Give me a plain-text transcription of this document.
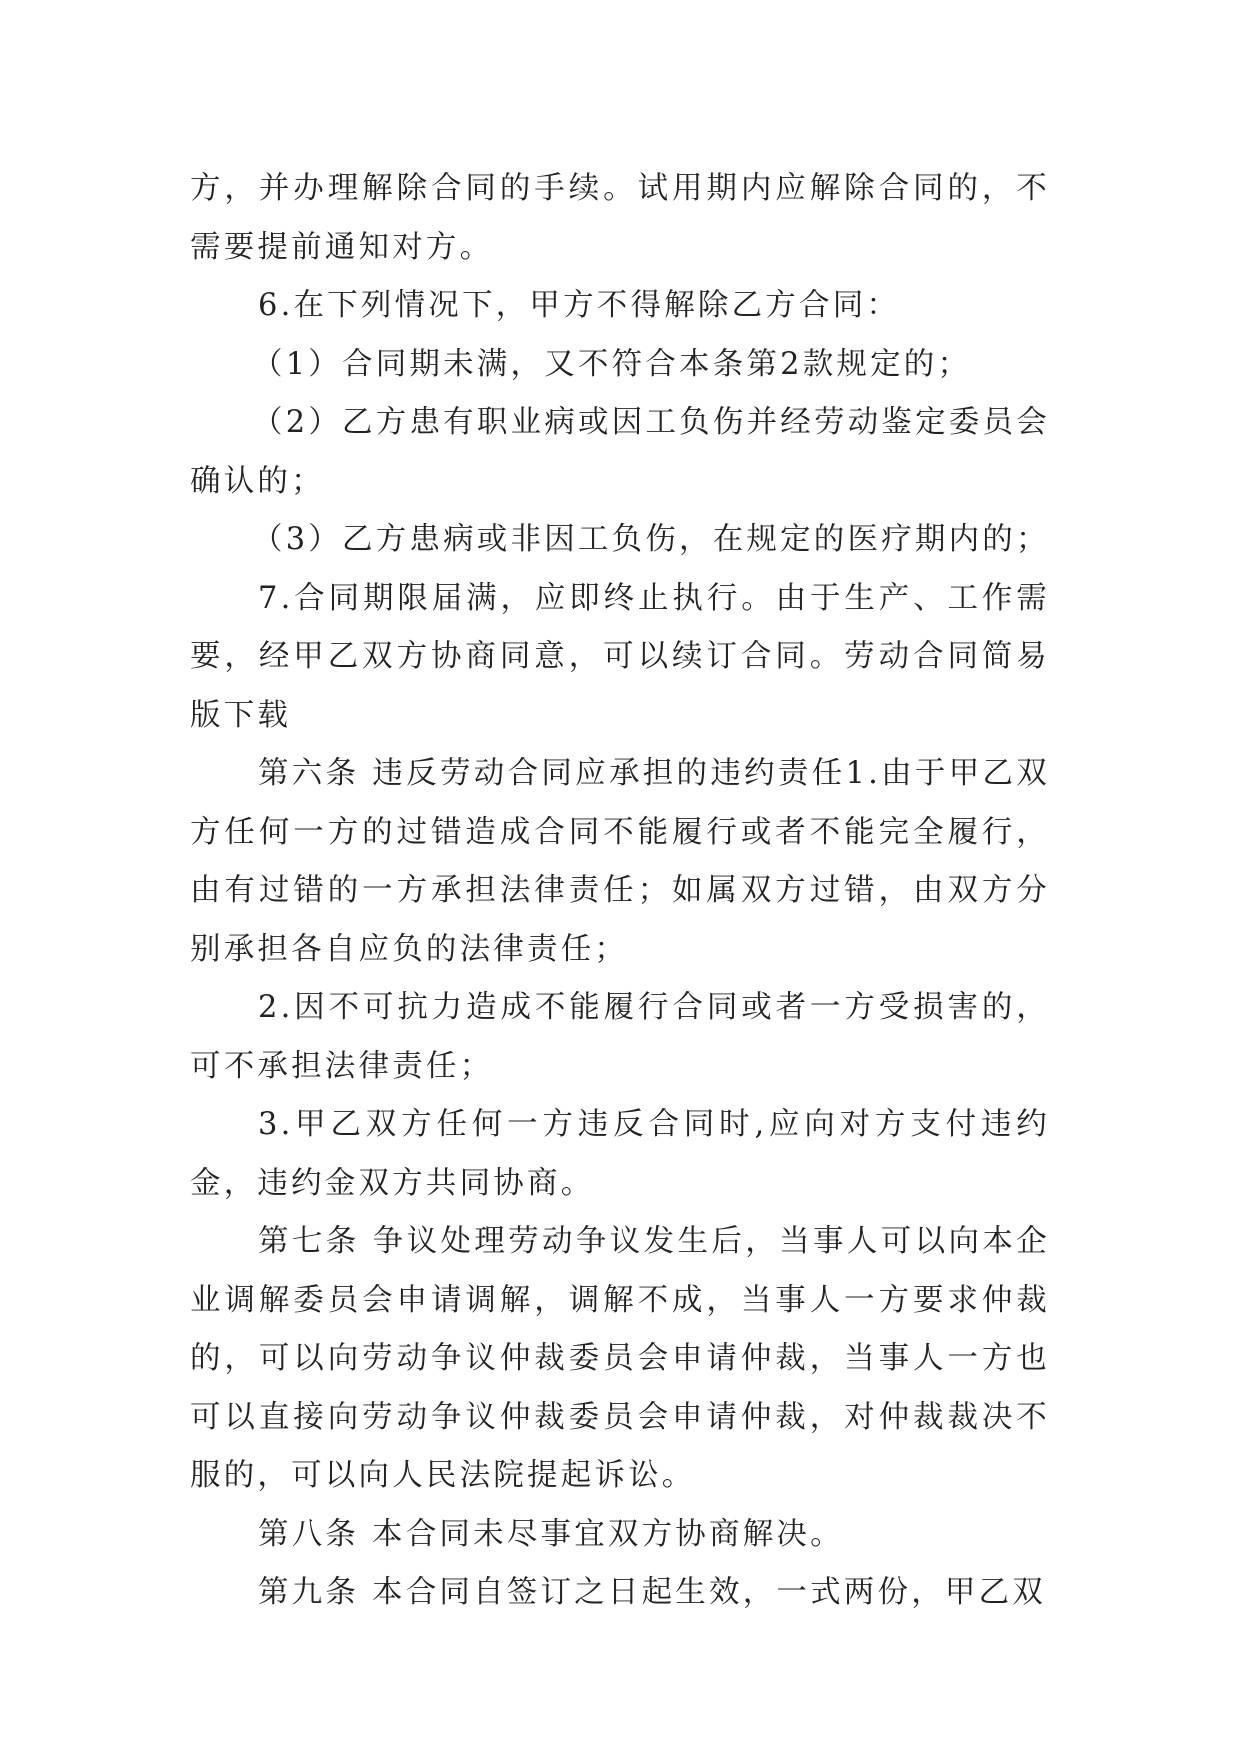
方，并办理解除合同的手续。试用期内应解除合同的，不需要提前通知对方。

6.在下列情况下，甲方不得解除乙方合同：

（1）合同期未满，又不符合本条第2款规定的；

（2）乙方患有职业病或因工负伤并经劳动鉴定委员会确认的；

（3）乙方患病或非因工负伤，在规定的医疗期内的；

7.合同期限届满，应即终止执行。由于生产、工作需要，经甲乙双方协商同意，可以续订合同。劳动合同简易版下载

第六条 违反劳动合同应承担的违约责任1.由于甲乙双方任何一方的过错造成合同不能履行或者不能完全履行，由有过错的一方承担法律责任；如属双方过错，由双方分别承担各自应负的法律责任；

2.因不可抗力造成不能履行合同或者一方受损害的，可不承担法律责任；

3.甲乙双方任何一方违反合同时,应向对方支付违约金，违约金双方共同协商。

第七条 争议处理劳动争议发生后，当事人可以向本企业调解委员会申请调解，调解不成，当事人一方要求仲裁的，可以向劳动争议仲裁委员会申请仲裁，当事人一方也可以直接向劳动争议仲裁委员会申请仲裁，对仲裁裁决不服的，可以向人民法院提起诉讼。

第八条 本合同未尽事宜双方协商解决。

第九条 本合同自签订之日起生效，一式两份，甲乙双
